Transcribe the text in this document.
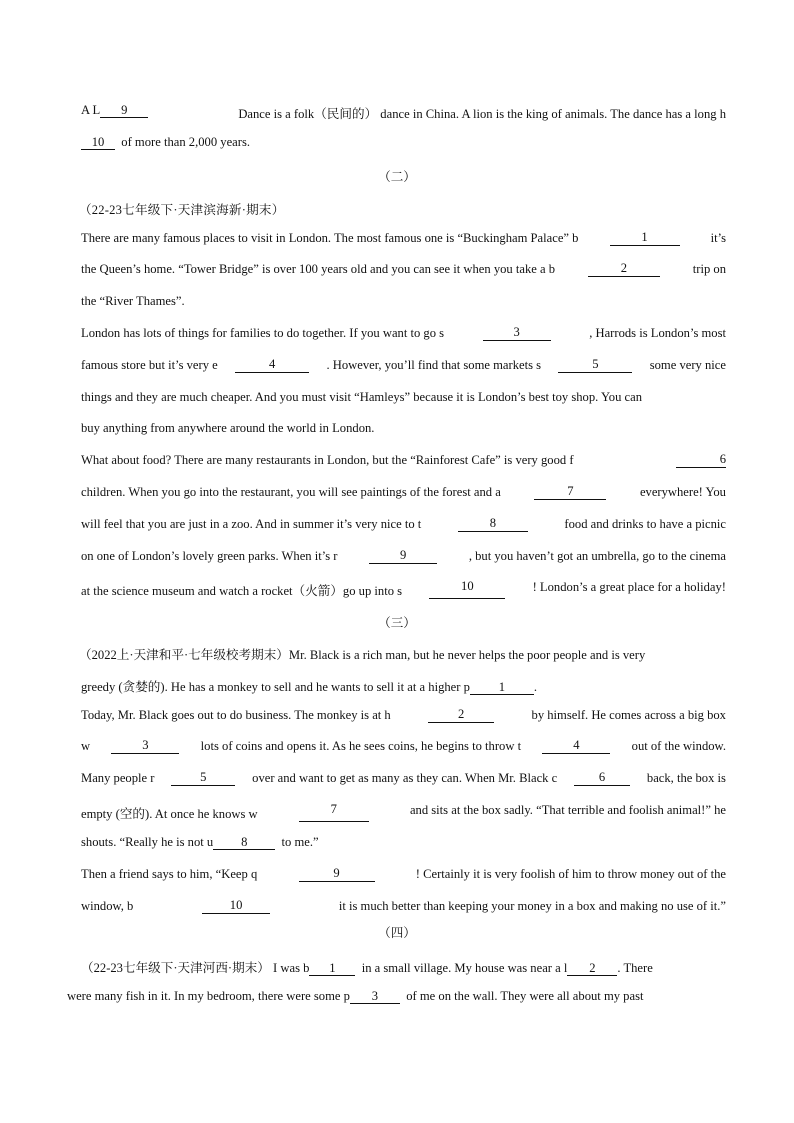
A L 9	Dance is a folk（民间的） dance in China. A lion is the king of animals. The dance has a long h
10 of more than 2,000 years.
（二）
（22-23七年级下·天津滨海新·期末）
There are many famous places to visit in London. The most famous one is “Buckingham Palace” b	1	it’s
the Queen’s home. “Tower Bridge” is over 100 years old and you can see it when you take a b	2	trip on
the “River Thames”.
London has lots of things for families to do together. If you want to go s	3	, Harrods is London’s most
famous store but it’s very e	4	. However, you’ll find that some markets s	5	some very nice
things and they are much cheaper. And you must visit “Hamleys” because it is London’s best toy shop. You can
buy anything from anywhere around the world in London.
What about food? There are many restaurants in London, but the “Rainforest Cafe” is very good f	6
children. When you go into the restaurant, you will see paintings of the forest and a	7	everywhere! You
will feel that you are just in a zoo. And in summer it’s very nice to t	8	food and drinks to have a picnic
on one of London’s lovely green parks. When it’s r	9	, but you haven’t got an umbrella, go to the cinema
at the science museum and watch a rocket（火箭）go up into s	10	! London’s a great place for a holiday!
（三）
（2022上·天津和平·七年级校考期末）Mr. Black is a rich man, but he never helps the poor people and is very
greedy (贪婪的). He has a monkey to sell and he wants to sell it at a higher p 1 .
Today, Mr. Black goes out to do business. The monkey is at h	2	by himself. He comes across a big box
w	3	lots of coins and opens it. As he sees coins, he begins to throw t	4	out of the window.
Many people r	5	over and want to get as many as they can. When Mr. Black c	6	back, the box is
empty (空的). At once he knows w	7	and sits at the box sadly. “That terrible and foolish animal!” he
shouts. “Really he is not u 8	to me.”
Then a friend says to him, “Keep q	9	! Certainly it is very foolish of him to throw money out of the
window, b	10	it is much better than keeping your money in a box and making no use of it.”
（四）
（22-23七年级下·天津河西·期末） I was b 1 in a small village. My house was near a l 2 . There
were many fish in it. In my bedroom, there were some p 3 of me on the wall. They were all about my past
